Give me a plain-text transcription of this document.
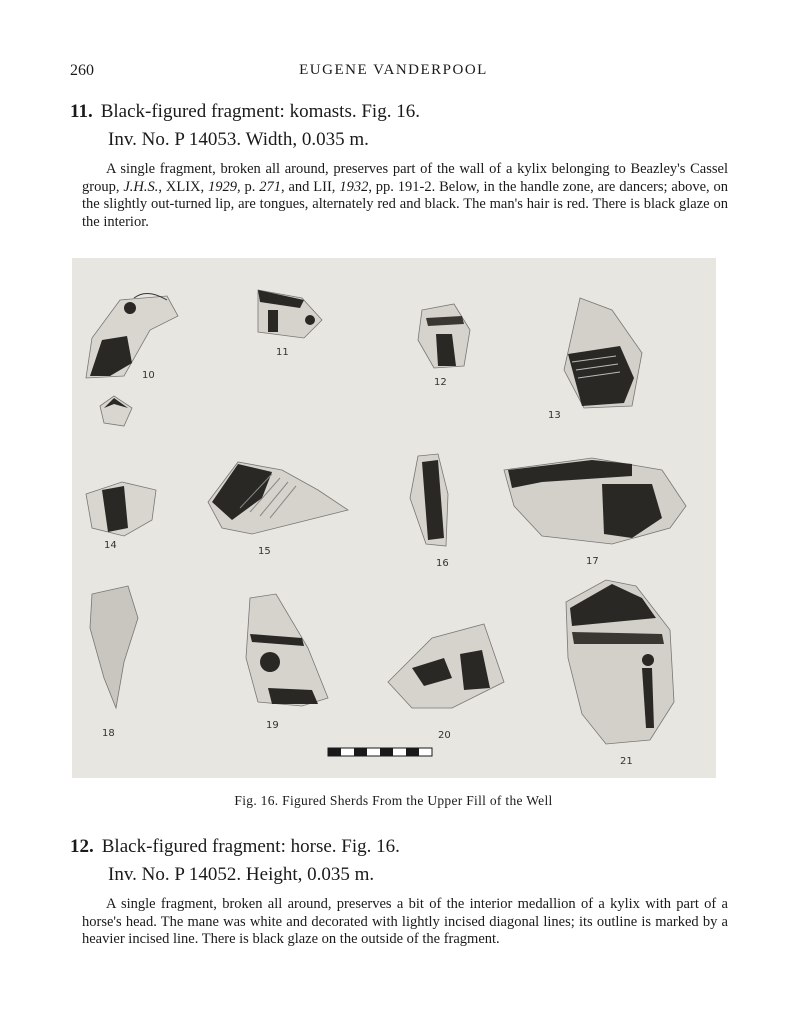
260	EUGENE VANDERPOOL
11. Black-figured fragment: komasts. Fig. 16.
Inv. No. P 14053. Width, 0.035 m.

A single fragment, broken all around, preserves part of the wall of a kylix belonging to Beazley's Cassel group, J.H.S., XLIX, 1929, p. 271, and LII, 1932, pp. 191-2. Below, in the handle zone, are dancers; above, on the slightly out-turned lip, are tongues, alternately red and black. The man's hair is red. There is black glaze on the interior.

10
11
12
13
14
15
16	17
18
19
20
21
Fig. 16. Figured Sherds From the Upper Fill of the Well
12. Black-figured fragment: horse. Fig. 16.
Inv. No. P 14052. Height, 0.035 m.

A single fragment, broken all around, preserves a bit of the interior medallion of a kylix with part of a horse's head. The mane was white and decorated with lightly incised diagonal lines; its outline is marked by a heavier incised line. There is black glaze on the outside of the fragment.
